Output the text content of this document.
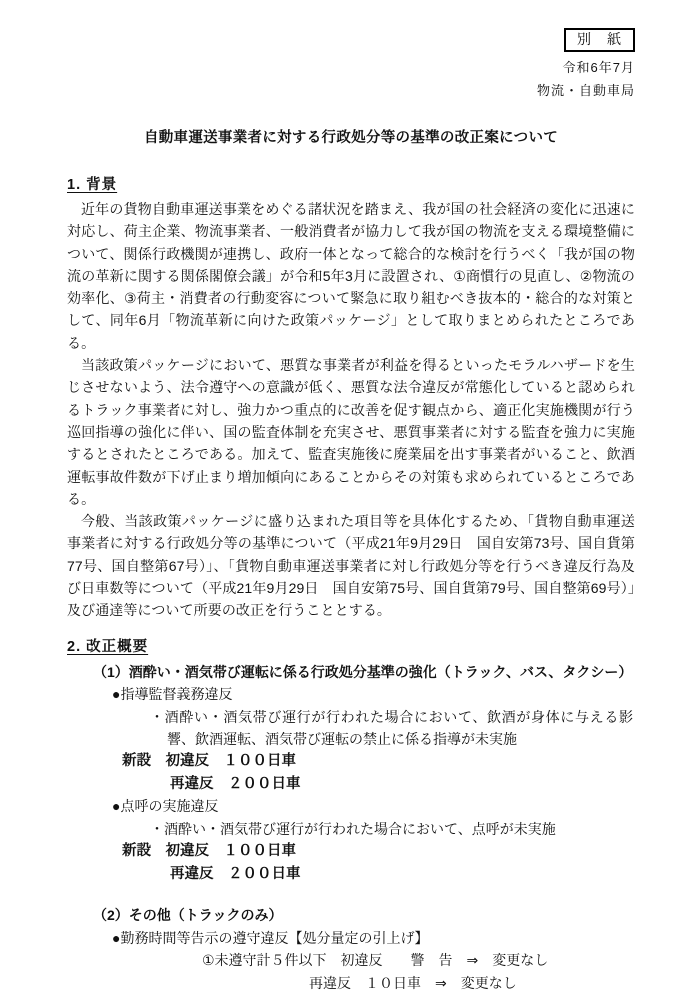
別　紙
令和6年7月
物流・自動車局
自動車運送事業者に対する行政処分等の基準の改正案について
1. 背景

近年の貨物自動車運送事業をめぐる諸状況を踏まえ、我が国の社会経済の変化に迅速に対応し、荷主企業、物流事業者、一般消費者が協力して我が国の物流を支える環境整備について、関係行政機関が連携し、政府一体となって総合的な検討を行うべく「我が国の物流の革新に関する関係閣僚会議」が令和5年3月に設置され、①商慣行の見直し、②物流の効率化、③荷主・消費者の行動変容について緊急に取り組むべき抜本的・総合的な対策として、同年6月「物流革新に向けた政策パッケージ」として取りまとめられたところである。

当該政策パッケージにおいて、悪質な事業者が利益を得るといったモラルハザードを生じさせないよう、法令遵守への意識が低く、悪質な法令違反が常態化していると認められるトラック事業者に対し、強力かつ重点的に改善を促す観点から、適正化実施機関が行う巡回指導の強化に伴い、国の監査体制を充実させ、悪質事業者に対する監査を強力に実施するとされたところである。加えて、監査実施後に廃業届を出す事業者がいること、飲酒運転事故件数が下げ止まり増加傾向にあることからその対策も求められているところである。

今般、当該政策パッケージに盛り込まれた項目等を具体化するため、「貨物自動車運送事業者に対する行政処分等の基準について（平成21年9月29日　国自安第73号、国自貨第77号、国自整第67号）」、「貨物自動車運送事業者に対し行政処分等を行うべき違反行為及び日車数等について（平成21年9月29日　国自安第75号、国自貨第79号、国自整第69号）」及び通達等について所要の改正を行うこととする。

2. 改正概要
（1）酒酔い・酒気帯び運転に係る行政処分基準の強化（トラック、バス、タクシー）
●指導監督義務違反
・酒酔い・酒気帯び運行が行われた場合において、飲酒が身体に与える影響、飲酒運転、酒気帯び運転の禁止に係る指導が未実施
新設　初違反　１００日車
再違反　２００日車
●点呼の実施違反
・酒酔い・酒気帯び運行が行われた場合において、点呼が未実施
新設　初違反　１００日車
再違反　２００日車
（2）その他（トラックのみ）
●勤務時間等告示の遵守違反【処分量定の引上げ】
①未遵守計５件以下　初違反　　警　告　⇒　変更なし
再違反　１０日車　⇒　変更なし
